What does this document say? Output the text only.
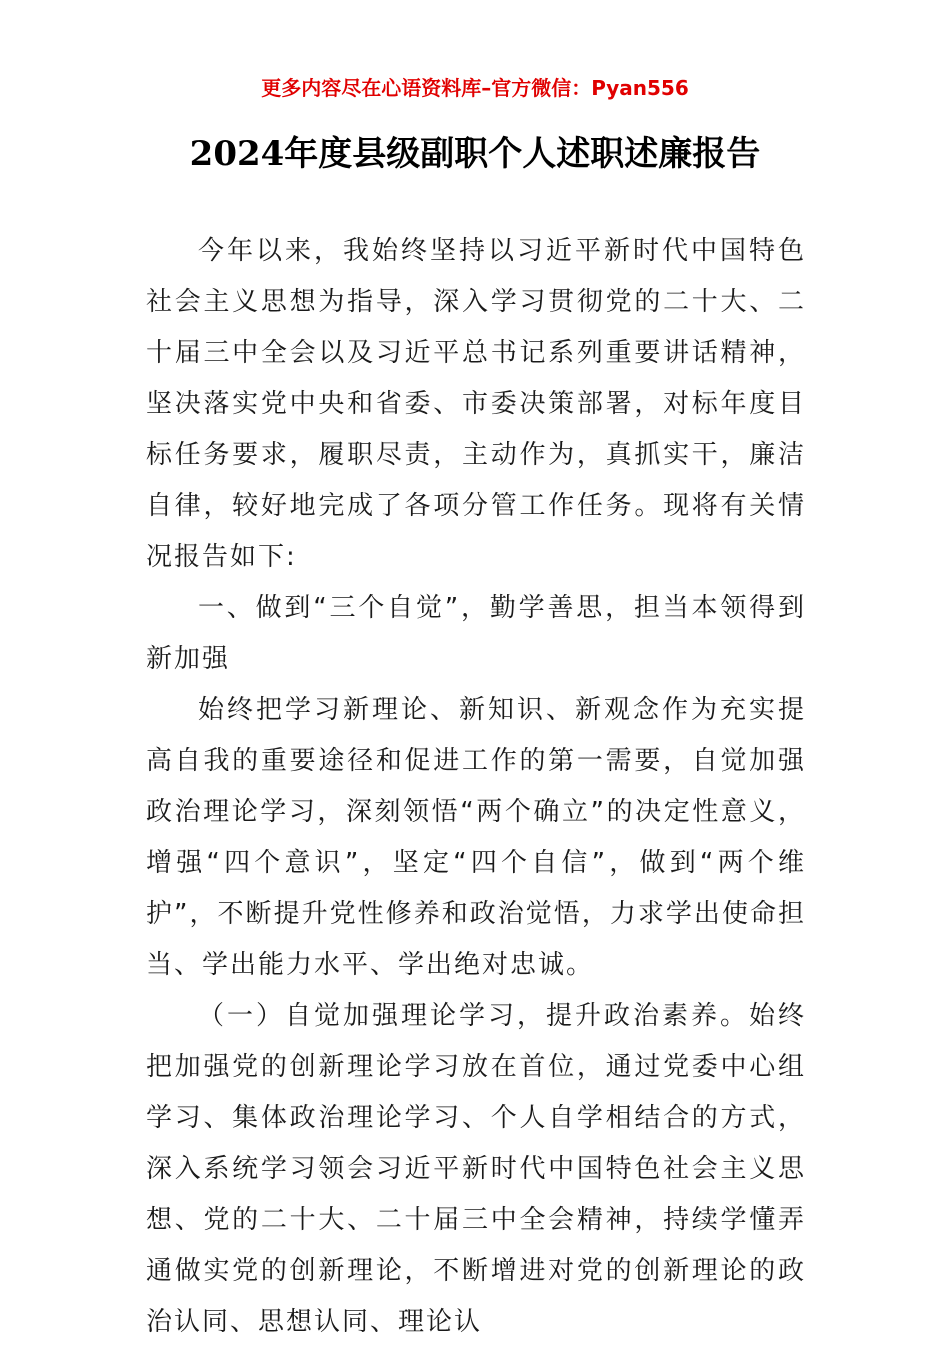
更多内容尽在心语资料库–官方微信：Pyan556
2024年度县级副职个人述职述廉报告

今年以来，我始终坚持以习近平新时代中国特色社会主义思想为指导，深入学习贯彻党的二十大、二十届三中全会以及习近平总书记系列重要讲话精神，坚决落实党中央和省委、市委决策部署，对标年度目标任务要求，履职尽责，主动作为，真抓实干，廉洁自律，较好地完成了各项分管工作任务。现将有关情况报告如下:

一、做到“三个自觉”，勤学善思，担当本领得到新加强

始终把学习新理论、新知识、新观念作为充实提高自我的重要途径和促进工作的第一需要，自觉加强政治理论学习，深刻领悟“两个确立”的决定性意义，增强“四个意识”，坚定“四个自信”，做到“两个维护”，不断提升党性修养和政治觉悟，力求学出使命担当、学出能力水平、学出绝对忠诚。

（一）自觉加强理论学习，提升政治素养。始终把加强党的创新理论学习放在首位，通过党委中心组学习、集体政治理论学习、个人自学相结合的方式，深入系统学习领会习近平新时代中国特色社会主义思想、党的二十大、二十届三中全会精神，持续学懂弄通做实党的创新理论，不断增进对党的创新理论的政治认同、思想认同、理论认
